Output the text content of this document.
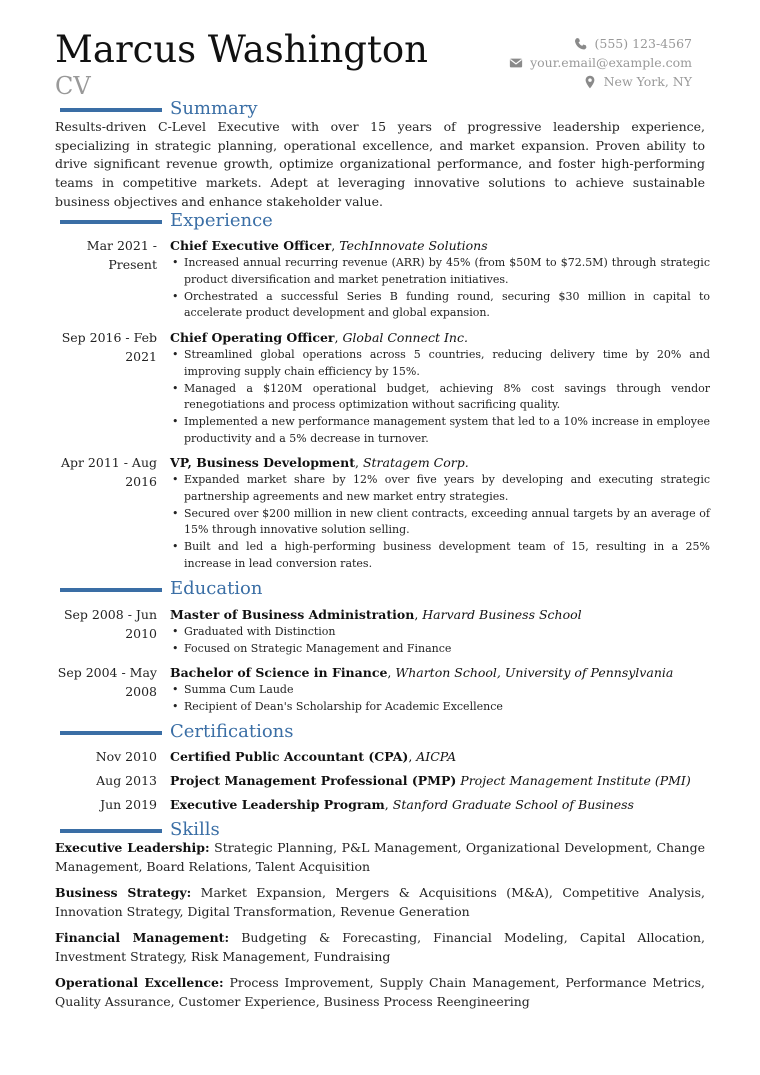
Marcus Washington
CV
(555) 123-4567
your.email@example.com
New York, NY
Summary

Results-driven C-Level Executive with over 15 years of progressive leadership experience, specializing in strategic planning, operational excellence, and market expansion. Proven ability to drive significant revenue growth, optimize organizational performance, and foster high-performing teams in competitive markets. Adept at leveraging innovative solutions to achieve sustainable business objectives and enhance stakeholder value.

Experience
Mar 2021 - Present
Chief Executive Officer, TechInnovate Solutions
• Increased annual recurring revenue (ARR) by 45% (from $50M to $72.5M) through strategic product diversification and market penetration initiatives.
• Orchestrated a successful Series B funding round, securing $30 million in capital to accelerate product development and global expansion.
Sep 2016 - Feb 2021
Chief Operating Officer, Global Connect Inc.
• Streamlined global operations across 5 countries, reducing delivery time by 20% and improving supply chain efficiency by 15%.
• Managed a $120M operational budget, achieving 8% cost savings through vendor renegotiations and process optimization without sacrificing quality.
• Implemented a new performance management system that led to a 10% increase in employee productivity and a 5% decrease in turnover.
Apr 2011 - Aug 2016
VP, Business Development, Stratagem Corp.
• Expanded market share by 12% over five years by developing and executing strategic partnership agreements and new market entry strategies.
• Secured over $200 million in new client contracts, exceeding annual targets by an average of 15% through innovative solution selling.
• Built and led a high-performing business development team of 15, resulting in a 25% increase in lead conversion rates.
Education
Sep 2008 - Jun 2010
Master of Business Administration, Harvard Business School
• Graduated with Distinction
• Focused on Strategic Management and Finance
Sep 2004 - May 2008
Bachelor of Science in Finance, Wharton School, University of Pennsylvania
• Summa Cum Laude
• Recipient of Dean's Scholarship for Academic Excellence
Certifications
Nov 2010 Certified Public Accountant (CPA), AICPA
Aug 2013 Project Management Professional (PMP) Project Management Institute (PMI)
Jun 2019 Executive Leadership Program, Stanford Graduate School of Business
Skills

Executive Leadership: Strategic Planning, P&L Management, Organizational Development, Change Management, Board Relations, Talent Acquisition

Business Strategy: Market Expansion, Mergers & Acquisitions (M&A), Competitive Analysis, Innovation Strategy, Digital Transformation, Revenue Generation

Financial Management: Budgeting & Forecasting, Financial Modeling, Capital Allocation, Investment Strategy, Risk Management, Fundraising

Operational Excellence: Process Improvement, Supply Chain Management, Performance Metrics, Quality Assurance, Customer Experience, Business Process Reengineering
